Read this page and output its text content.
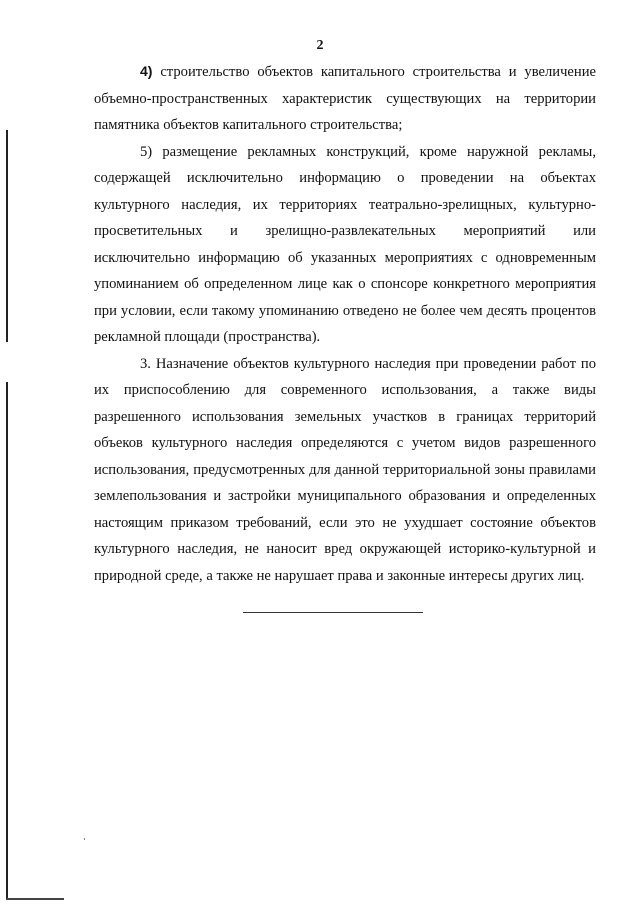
2

4) строительство объектов капитального строительства и увеличение объемно-пространственных характеристик существующих на территории памятника объектов капитального строительства;

5) размещение рекламных конструкций, кроме наружной рекламы, содержащей исключительно информацию о проведении на объектах культурного наследия, их территориях театрально-зрелищных, культурно-просветительных и зрелищно-развлекательных мероприятий или исключительно информацию об указанных мероприятиях с одновременным упоминанием об определенном лице как о спонсоре конкретного мероприятия при условии, если такому упоминанию отведено не более чем десять процентов рекламной площади (пространства).

3. Назначение объектов культурного наследия при проведении работ по их приспособлению для современного использования, а также виды разрешенного использования земельных участков в границах территорий объеков культурного наследия определяются с учетом видов разрешенного использования, предусмотренных для данной территориальной зоны правилами землепользования и застройки муниципального образования и определенных настоящим приказом требований, если это не ухудшает состояние объектов культурного наследия, не наносит вред окружающей историко-культурной и природной среде, а также не нарушает права и законные интересы других лиц.
